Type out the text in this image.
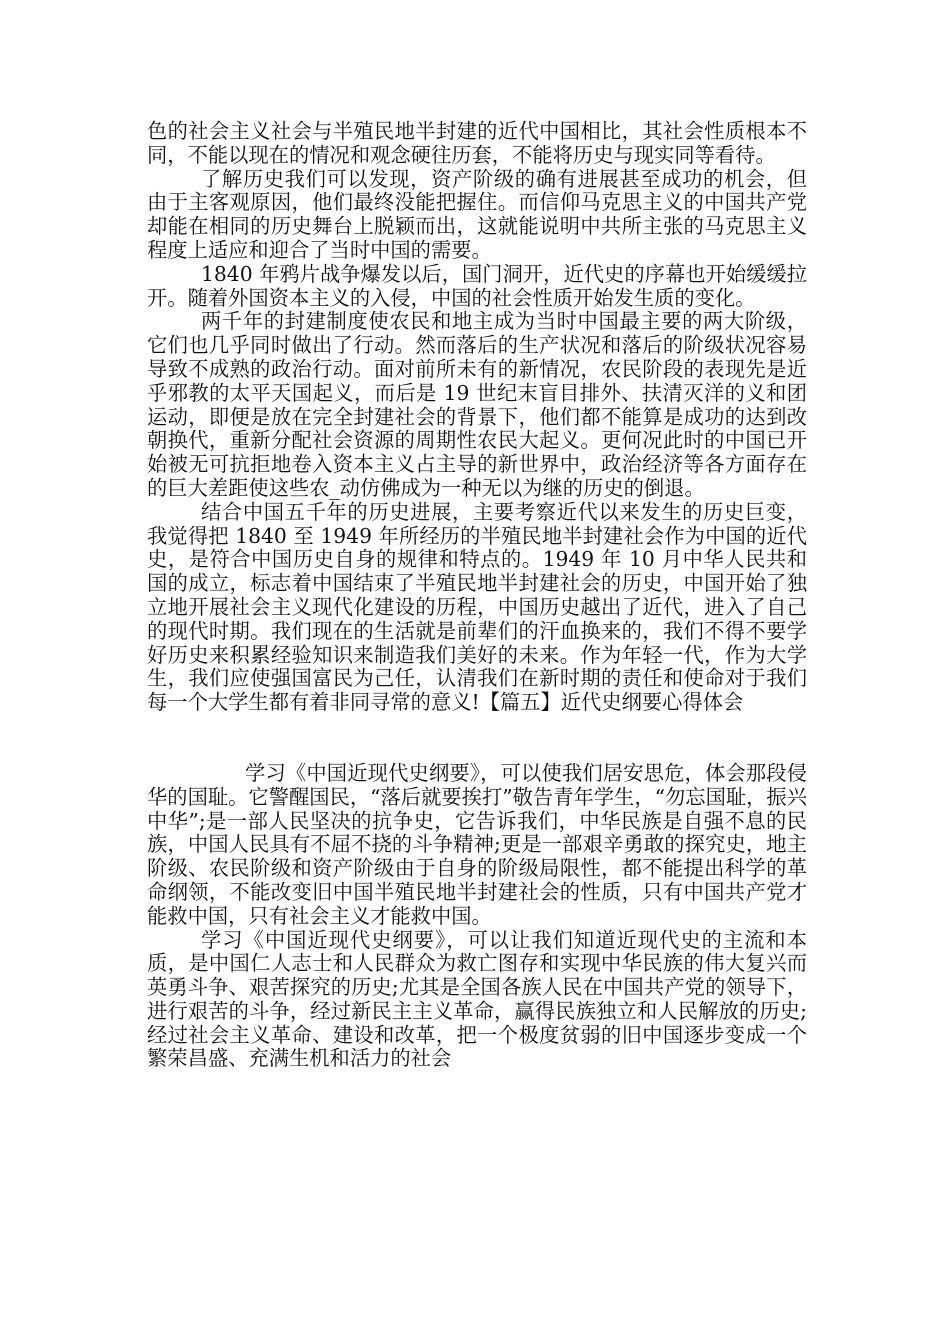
色的社会主义社会与半殖民地半封建的近代中国相比，其社会性质根本不同，不能以现在的情况和观念硬往历套，不能将历史与现实同等看待。

了解历史我们可以发现，资产阶级的确有进展甚至成功的机会，但由于主客观原因，他们最终没能把握住。而信仰马克思主义的中国共产党却能在相同的历史舞台上脱颖而出，这就能说明中共所主张的马克思主义程度上适应和迎合了当时中国的需要。

1840 年鸦片战争爆发以后，国门洞开，近代史的序幕也开始缓缓拉开。随着外国资本主义的入侵，中国的社会性质开始发生质的变化。

两千年的封建制度使农民和地主成为当时中国最主要的两大阶级，它们也几乎同时做出了行动。然而落后的生产状况和落后的阶级状况容易导致不成熟的政治行动。面对前所未有的新情况，农民阶段的表现先是近乎邪教的太平天国起义，而后是 19 世纪末盲目排外、扶清灭洋的义和团运动，即便是放在完全封建社会的背景下，他们都不能算是成功的达到改朝换代，重新分配社会资源的周期性农民大起义。更何况此时的中国已开始被无可抗拒地卷入资本主义占主导的新世界中，政治经济等各方面存在的巨大差距使这些农_动仿佛成为一种无以为继的历史的倒退。

结合中国五千年的历史进展，主要考察近代以来发生的历史巨变，我觉得把 1840 至 1949 年所经历的半殖民地半封建社会作为中国的近代史，是符合中国历史自身的规律和特点的。1949 年 10 月中华人民共和国的成立，标志着中国结束了半殖民地半封建社会的历史，中国开始了独立地开展社会主义现代化建设的历程，中国历史越出了近代，进入了自己的现代时期。我们现在的生活就是前辈们的汗血换来的，我们不得不要学好历史来积累经验知识来制造我们美好的未来。作为年轻一代，作为大学生，我们应使强国富民为己任，认清我们在新时期的责任和使命对于我们每一个大学生都有着非同寻常的意义!【篇五】近代史纲要心得体会

学习《中国近现代史纲要》，可以使我们居安思危，体会那段侵华的国耻。它警醒国民，“落后就要挨打”敬告青年学生，“勿忘国耻，振兴中华”;是一部人民坚决的抗争史，它告诉我们，中华民族是自强不息的民族，中国人民具有不屈不挠的斗争精神;更是一部艰辛勇敢的探究史，地主阶级、农民阶级和资产阶级由于自身的阶级局限性，都不能提出科学的革命纲领，不能改变旧中国半殖民地半封建社会的性质，只有中国共产党才能救中国，只有社会主义才能救中国。

学习《中国近现代史纲要》，可以让我们知道近现代史的主流和本质，是中国仁人志士和人民群众为救亡图存和实现中华民族的伟大复兴而英勇斗争、艰苦探究的历史;尤其是全国各族人民在中国共产党的领导下，进行艰苦的斗争，经过新民主主义革命，赢得民族独立和人民解放的历史;经过社会主义革命、建设和改革，把一个极度贫弱的旧中国逐步变成一个繁荣昌盛、充满生机和活力的社会
